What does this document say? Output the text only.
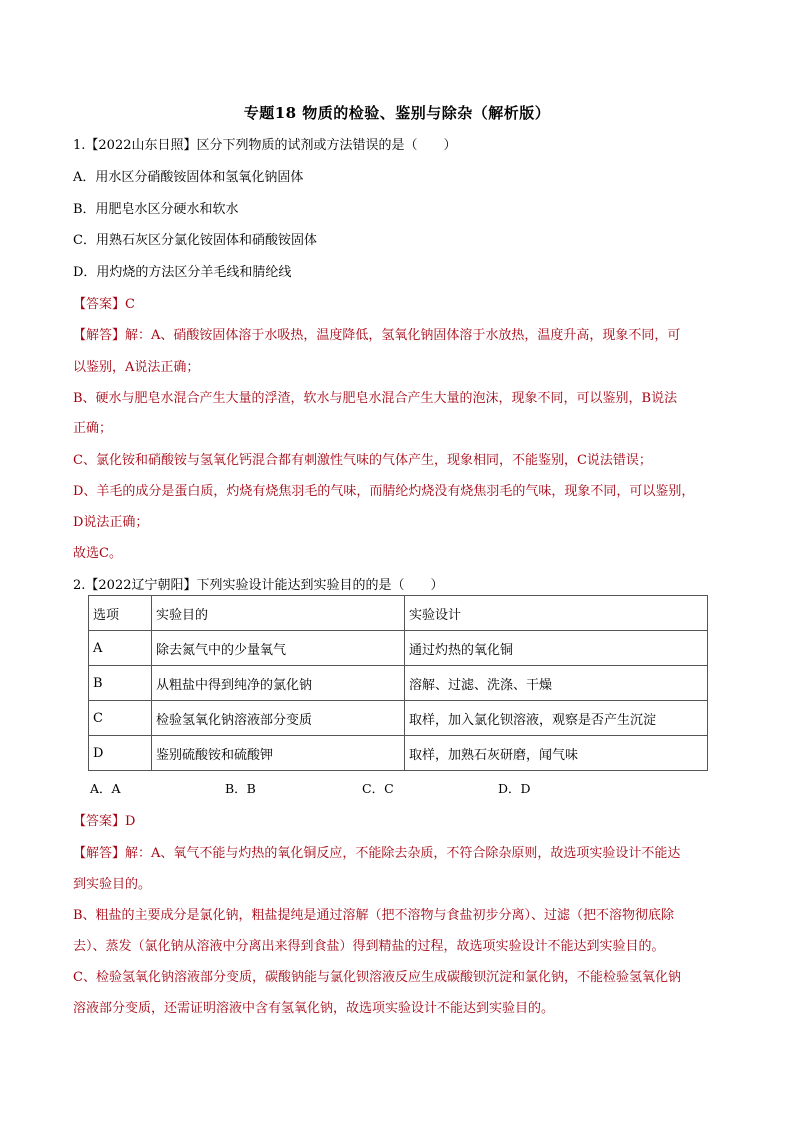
专题18 物质的检验、鉴别与除杂（解析版）
1.【2022山东日照】区分下列物质的试剂或方法错误的是（　　）
A．用水区分硝酸铵固体和氢氧化钠固体
B．用肥皂水区分硬水和软水
C．用熟石灰区分氯化铵固体和硝酸铵固体
D．用灼烧的方法区分羊毛线和腈纶线
【答案】C
【解答】解：A、硝酸铵固体溶于水吸热，温度降低，氢氧化钠固体溶于水放热，温度升高，现象不同，可
以鉴别，A说法正确；
B、硬水与肥皂水混合产生大量的浮渣，软水与肥皂水混合产生大量的泡沫，现象不同，可以鉴别，B说法
正确；
C、氯化铵和硝酸铵与氢氧化钙混合都有刺激性气味的气体产生，现象相同，不能鉴别，C说法错误；
D、羊毛的成分是蛋白质，灼烧有烧焦羽毛的气味，而腈纶灼烧没有烧焦羽毛的气味，现象不同，可以鉴别，
D说法正确；
故选C。
2.【2022辽宁朝阳】下列实验设计能达到实验目的的是（　　）
选项	实验目的	实验设计
A	除去氮气中的少量氧气	通过灼热的氧化铜
B	从粗盐中得到纯净的氯化钠	溶解、过滤、洗涤、干燥
C	检验氢氧化钠溶液部分变质	取样，加入氯化钡溶液，观察是否产生沉淀
D	鉴别硫酸铵和硫酸钾	取样，加熟石灰研磨，闻气味
A．A	B．B	C．C	D．D
【答案】D
【解答】解：A、氧气不能与灼热的氧化铜反应，不能除去杂质，不符合除杂原则，故选项实验设计不能达
到实验目的。
B、粗盐的主要成分是氯化钠，粗盐提纯是通过溶解（把不溶物与食盐初步分离）、过滤（把不溶物彻底除
去）、蒸发（氯化钠从溶液中分离出来得到食盐）得到精盐的过程，故选项实验设计不能达到实验目的。
C、检验氢氧化钠溶液部分变质，碳酸钠能与氯化钡溶液反应生成碳酸钡沉淀和氯化钠，不能检验氢氧化钠
溶液部分变质，还需证明溶液中含有氢氧化钠，故选项实验设计不能达到实验目的。
